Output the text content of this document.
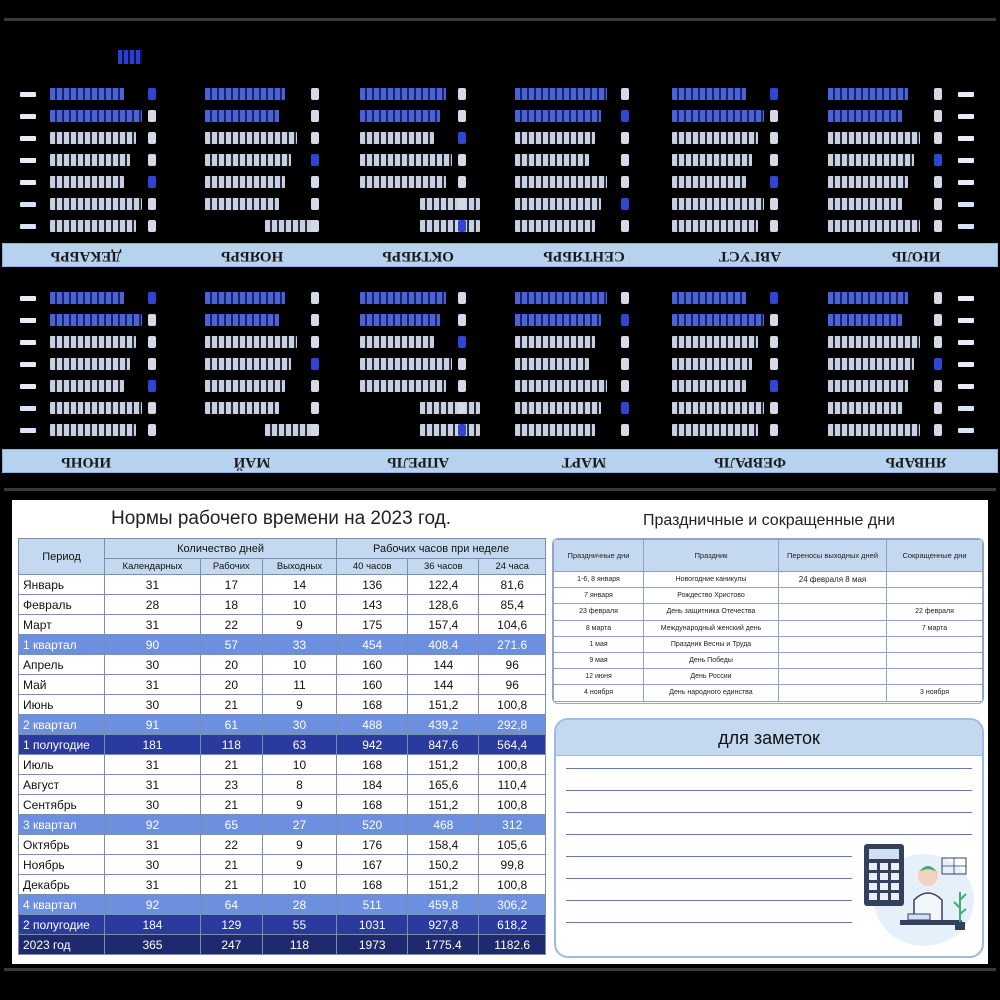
ДЕКАБРЬ	НОЯБРЬ	ОКТЯБРЬ	СЕНТЯБРЬ	АВГУСТ	ИЮЛЬ
ИЮНЬ	МАЙ	АПРЕЛЬ	МАРТ	ФЕВРАЛЬ	ЯНВАРЬ
Нормы рабочего времени на 2023 год.
Период	Количество дней			Рабочих часов при неделе		
	Календарных	Рабочих	Выходных	40 часов	36 часов	24 часа
Январь	31	17	14	136	122,4	81,6
Февраль	28	18	10	143	128,6	85,4
Март	31	22	9	175	157,4	104,6
1 квартал	90	57	33	454	408.4	271.6
Апрель	30	20	10	160	144	96
Май	31	20	11	160	144	96
Июнь	30	21	9	168	151,2	100,8
2 квартал	91	61	30	488	439,2	292,8
1 полугодие	181	118	63	942	847.6	564,4
Июль	31	21	10	168	151,2	100,8
Август	31	23	8	184	165,6	110,4
Сентябрь	30	21	9	168	151,2	100,8
3 квартал	92	65	27	520	468	312
Октябрь	31	22	9	176	158,4	105,6
Ноябрь	30	21	9	167	150,2	99,8
Декабрь	31	21	10	168	151,2	100,8
4 квартал	92	64	28	511	459,8	306,2
2 полугодие	184	129	55	1031	927,8	618,2
2023 год	365	247	118	1973	1775.4	1182.6
Праздничные и сокращенные дни
Праздничные дни	Праздник	Переносы выходных дней	Сокращенные дни
1-6, 8 января	Новогодние каникулы	24 февраля 8 мая	
7 января	Рождество Христово		
23 февраля	День защитника Отечества		22 февраля
8 марта	Международный женский день		7 марта
1 мая	Праздник Весны и Труда		
9 мая	День Победы		
12 июня	День России		
4 ноября	День народного единства		3 ноября
для заметок
